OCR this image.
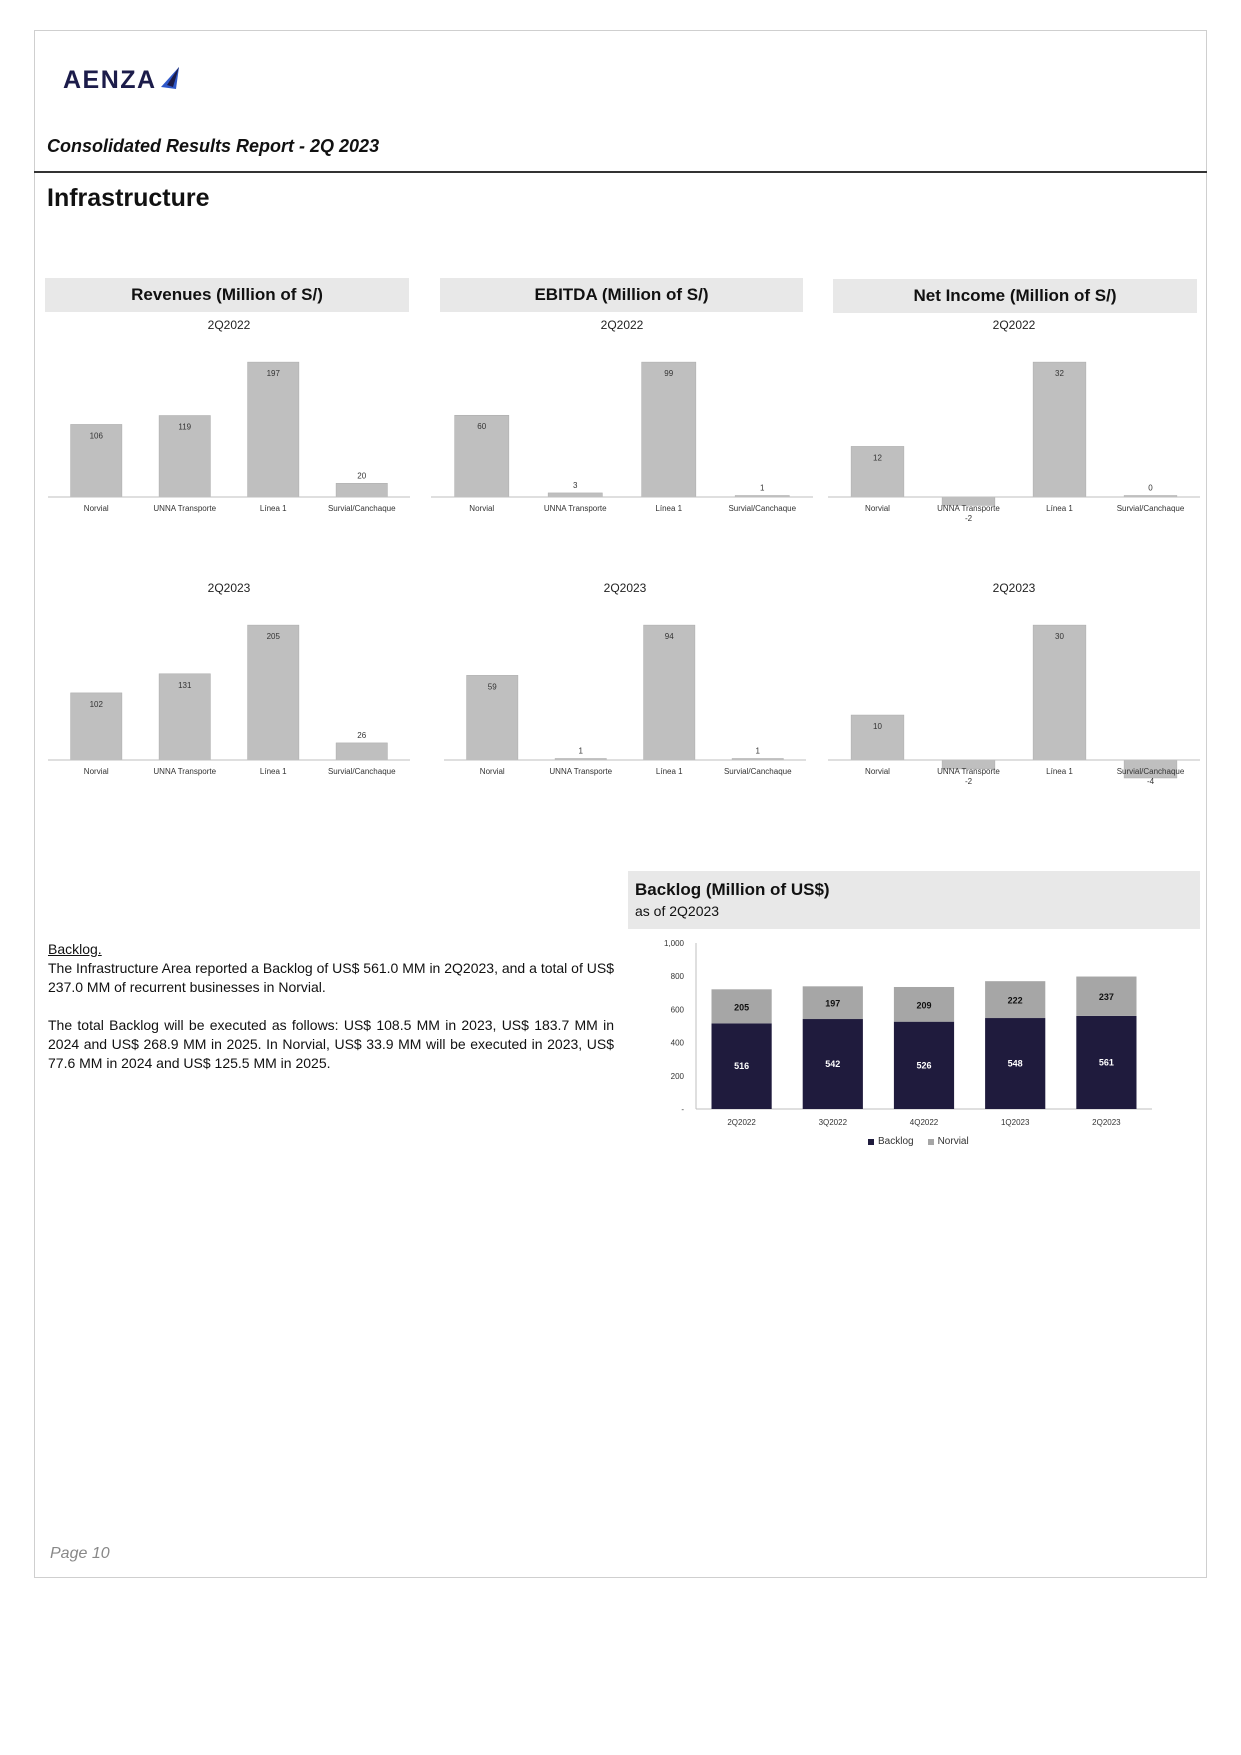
AENZA
Consolidated Results Report - 2Q 2023
Infrastructure
Revenues (Million of S/)	EBITDA (Million of S/)	Net Income (Million of S/)
2Q2022
Norvial
106
UNNA Transporte
119
Línea 1
197
Survial/Canchaque
20
2Q2022
Norvial
60
UNNA Transporte
3
Línea 1
99
Survial/Canchaque
1
2Q2022
Norvial
12
UNNA Transporte
-2
Línea 1
32
Survial/Canchaque
0
2Q2023
Norvial
102
UNNA Transporte
131
Línea 1
205
Survial/Canchaque
26
2Q2023
Norvial
59
UNNA Transporte
1
Línea 1
94
Survial/Canchaque
1
2Q2023
Norvial
10
UNNA Transporte
-2
Línea 1
30
Survial/Canchaque
-4
Backlog (Million of US$)
as of 2Q2023
-
200
400
600
800
1,000
516
205
2Q2022
542
197
3Q2022
526
209
4Q2022
548
222
1Q2023
561
237
2Q2023
Backlog Norvial

Backlog.

The Infrastructure Area reported a Backlog of US$ 561.0 MM in 2Q2023, and a total of US$ 237.0 MM of recurrent businesses in Norvial.

The total Backlog will be executed as follows: US$ 108.5 MM in 2023, US$ 183.7 MM in 2024 and US$ 268.9 MM in 2025. In Norvial, US$ 33.9 MM will be executed in 2023, US$ 77.6 MM in 2024 and US$ 125.5 MM in 2025.

Page 10
